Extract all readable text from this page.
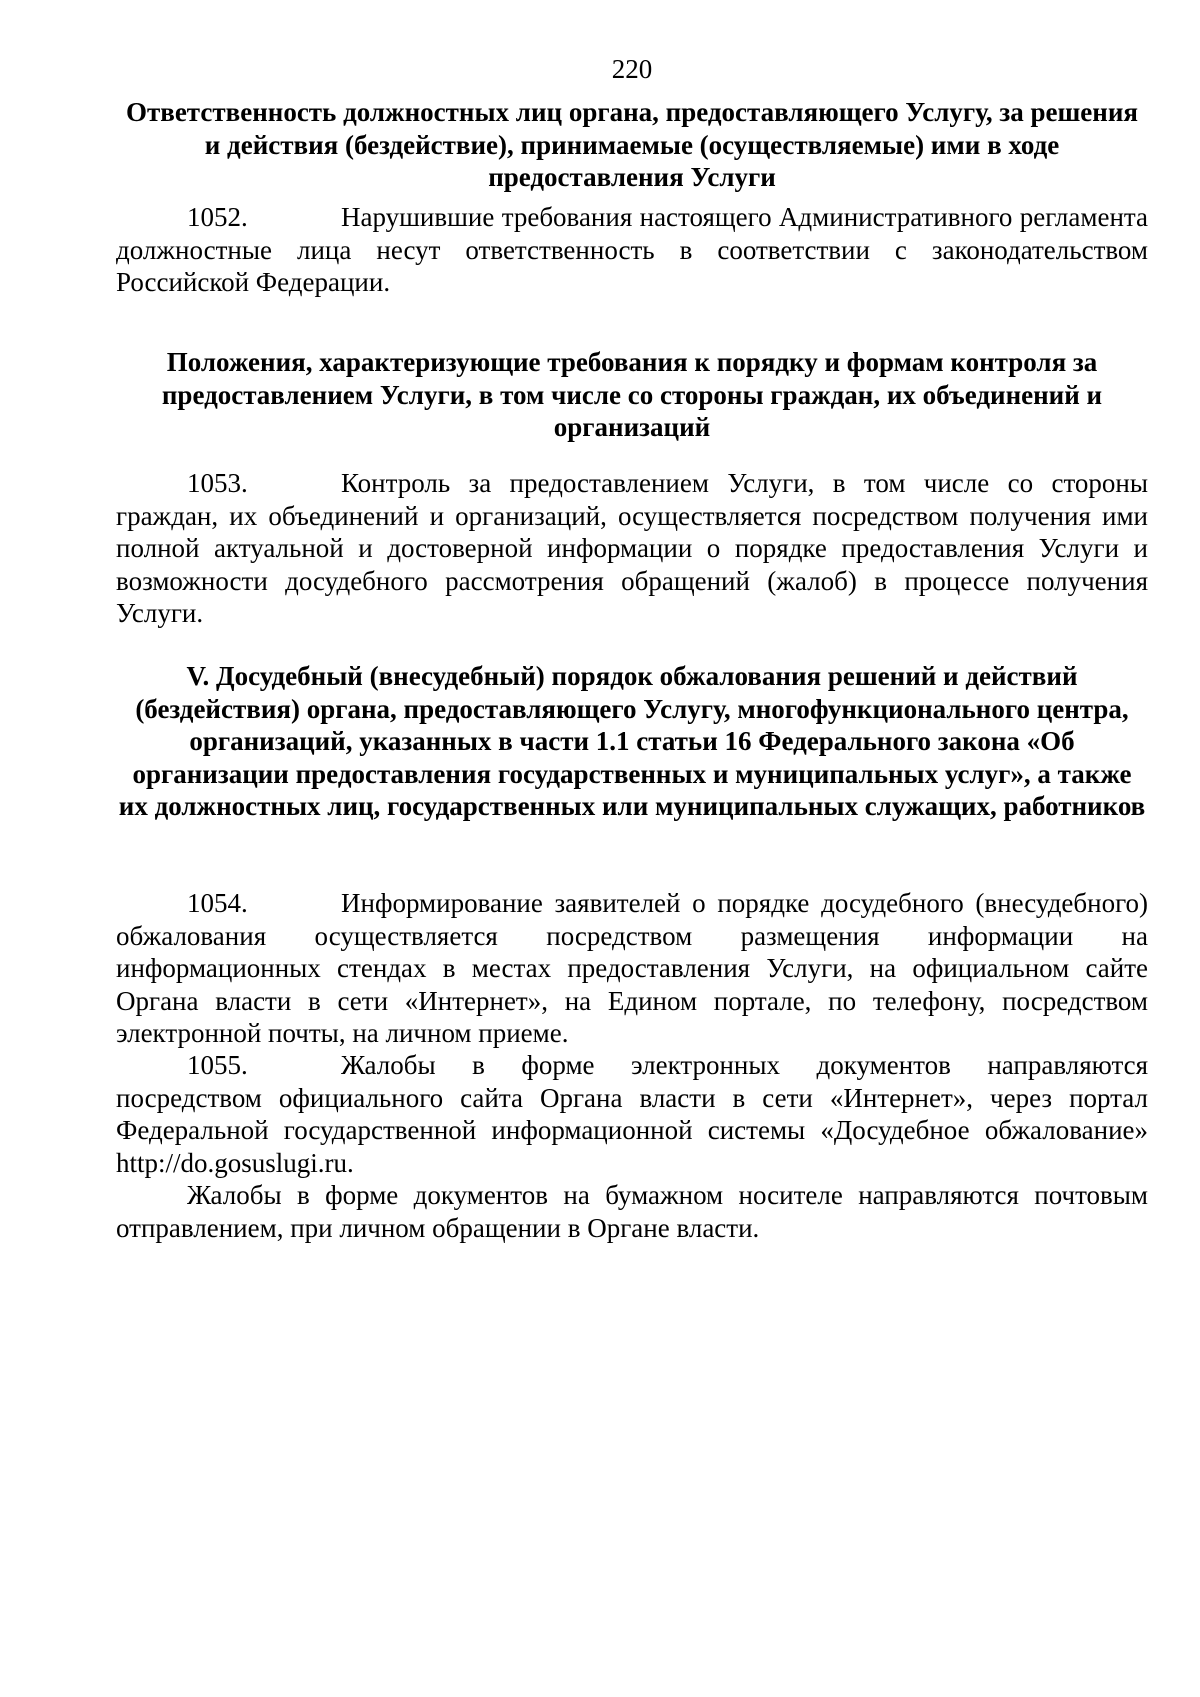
220
Ответственность должностных лиц органа, предоставляющего Услугу, за решения и действия (бездействие), принимаемые (осуществляемые) ими в ходе предоставления Услуги
1052.	Нарушившие требования настоящего Административного регламента должностные лица несут ответственность в соответствии с законодательством Российской Федерации.
Положения, характеризующие требования к порядку и формам контроля за предоставлением Услуги, в том числе со стороны граждан, их объединений и организаций
1053.	Контроль за предоставлением Услуги, в том числе со стороны граждан, их объединений и организаций, осуществляется посредством получения ими полной актуальной и достоверной информации о порядке предоставления Услуги и возможности досудебного рассмотрения обращений (жалоб) в процессе получения Услуги.
V. Досудебный (внесудебный) порядок обжалования решений и действий (бездействия) органа, предоставляющего Услугу, многофункционального центра, организаций, указанных в части 1.1 статьи 16 Федерального закона «Об организации предоставления государственных и муниципальных услуг», а также их должностных лиц, государственных или муниципальных служащих, работников
1054.	Информирование заявителей о порядке досудебного (внесудебного) обжалования осуществляется посредством размещения информации на информационных стендах в местах предоставления Услуги, на официальном сайте Органа власти в сети «Интернет», на Едином портале, по телефону, посредством электронной почты, на личном приеме.
1055.	Жалобы в форме электронных документов направляются посредством официального сайта Органа власти в сети «Интернет», через портал Федеральной государственной информационной системы «Досудебное обжалование» http://do.gosuslugi.ru.
Жалобы в форме документов на бумажном носителе направляются почтовым отправлением, при личном обращении в Органе власти.
